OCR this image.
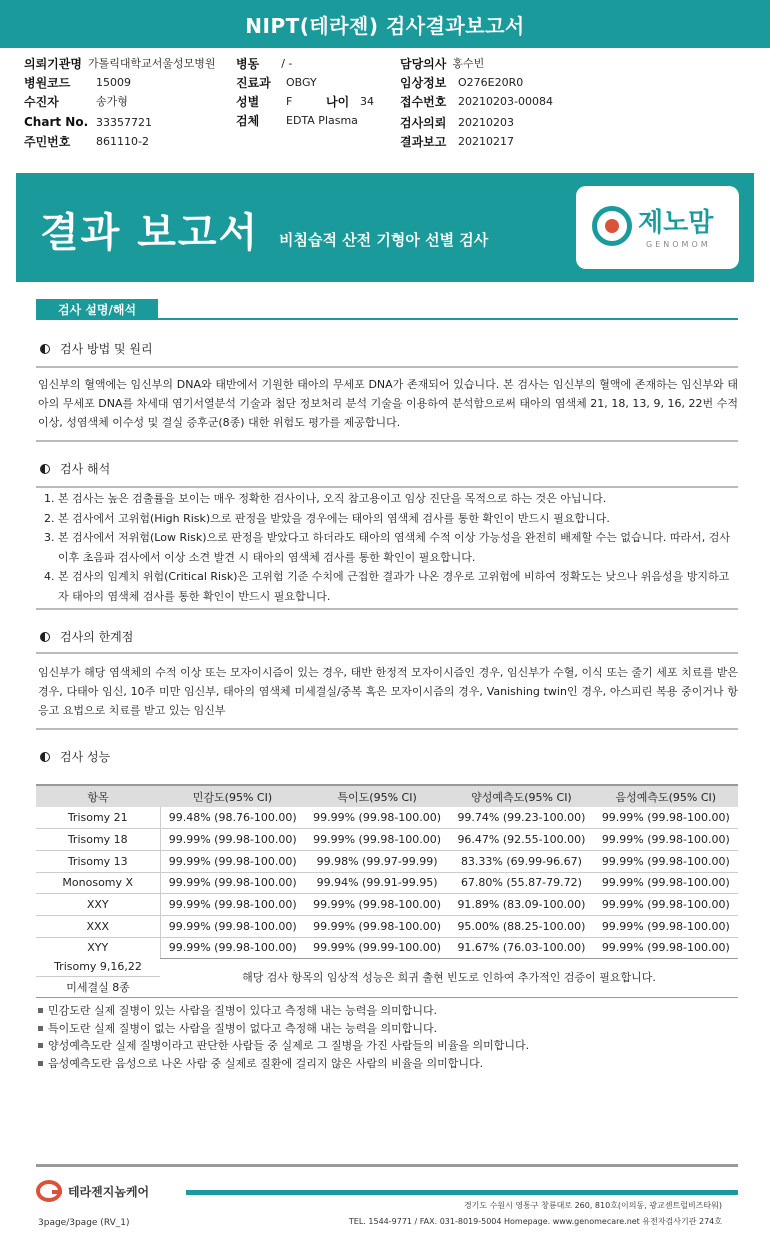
NIPT(테라젠) 검사결과보고서
의뢰기관명 가톨릭대학교서울성모병원 병동 / -	담당의사 홍수빈
병원코드	15009	진료과	OBGY	임상정보	O276E20R0
수진자	송가형	성별	F	나이 34 접수번호	20210203-00084
Chart No. 33357721	검체	EDTA Plasma	검사의뢰	20210203
주민번호	861110-2	결과보고	20210217
결과 보고서 비침습적 산전 기형아 선별 검사
제노맘
GENOMOM
검사 설명/해석
검사 방법 및 원리
임신부의 혈액에는 임신부의 DNA와 태반에서 기원한 태아의 무세포 DNA가 존재되어 있습니다. 본 검사는 임신부의 혈액에 존재하는 임신부와 태아의 무세포 DNA를 차세대 염기서열분석 기술과 첨단 정보처리 분석 기술을 이용하여 분석함으로써 태아의 염색체 21, 18, 13, 9, 16, 22번 수적 이상, 성염색체 이수성 및 결실 증후군(8종) 대한 위험도 평가를 제공합니다.
검사 해석
1. 본 검사는 높은 검출률을 보이는 매우 정확한 검사이나, 오직 참고용이고 임상 진단을 목적으로 하는 것은 아닙니다.
2. 본 검사에서 고위험(High Risk)으로 판정을 받았을 경우에는 태아의 염색체 검사를 통한 확인이 반드시 필요합니다.
3. 본 검사에서 저위험(Low Risk)으로 판정을 받았다고 하더라도 태아의 염색체 수적 이상 가능성을 완전히 배제할 수는 없습니다. 따라서, 검사 이후 초음파 검사에서 이상 소견 발견 시 태아의 염색체 검사를 통한 확인이 필요합니다.
4. 본 검사의 임계치 위험(Critical Risk)은 고위험 기준 수치에 근접한 결과가 나온 경우로 고위험에 비하여 정확도는 낮으나 위음성을 방지하고자 태아의 염색체 검사를 통한 확인이 반드시 필요합니다.
검사의 한계점
임신부가 해당 염색체의 수적 이상 또는 모자이시즘이 있는 경우, 태반 한정적 모자이시즘인 경우, 임신부가 수혈, 이식 또는 줄기 세포 치료를 받은 경우, 다태아 임신, 10주 미만 임신부, 태아의 염색체 미세결실/중복 혹은 모자이시즘의 경우, Vanishing twin인 경우, 아스피린 복용 중이거나 항 응고 요법으로 치료를 받고 있는 임신부
검사 성능
항목	민감도(95% CI)	특이도(95% CI)	양성예측도(95% CI)	음성예측도(95% CI)
Trisomy 21	99.48% (98.76-100.00)	99.99% (99.98-100.00)	99.74% (99.23-100.00)	99.99% (99.98-100.00)
Trisomy 18	99.99% (99.98-100.00)	99.99% (99.98-100.00)	96.47% (92.55-100.00)	99.99% (99.98-100.00)
Trisomy 13	99.99% (99.98-100.00)	99.98% (99.97-99.99)	83.33% (69.99-96.67)	99.99% (99.98-100.00)
Monosomy X	99.99% (99.98-100.00)	99.94% (99.91-99.95)	67.80% (55.87-79.72)	99.99% (99.98-100.00)
XXY	99.99% (99.98-100.00)	99.99% (99.98-100.00)	91.89% (83.09-100.00)	99.99% (99.98-100.00)
XXX	99.99% (99.98-100.00)	99.99% (99.98-100.00)	95.00% (88.25-100.00)	99.99% (99.98-100.00)
XYY	99.99% (99.98-100.00)	99.99% (99.99-100.00)	91.67% (76.03-100.00)	99.99% (99.98-100.00)
Trisomy 9,16,22
미세결실 8종
해당 검사 항목의 임상적 성능은 희귀 출현 빈도로 인하여 추가적인 검증이 필요합니다.
민감도란 실제 질병이 있는 사람을 질병이 있다고 측정해 내는 능력을 의미합니다.
특이도란 실제 질병이 없는 사람을 질병이 없다고 측정해 내는 능력을 의미합니다.
양성예측도란 실제 질병이라고 판단한 사람들 중 실제로 그 질병을 가진 사람들의 비율을 의미합니다.
음성예측도란 음성으로 나온 사람 중 실제로 질환에 걸리지 않은 사람의 비율을 의미합니다.
테라젠지놈케어
경기도 수원시 영통구 창룡대로 260, 810호(이의동, 광교센트럴비즈타워)
TEL. 1544-9771 / FAX. 031-8019-5004 Homepage. www.genomecare.net 유전자검사기관 274호
3page/3page (RV_1)
